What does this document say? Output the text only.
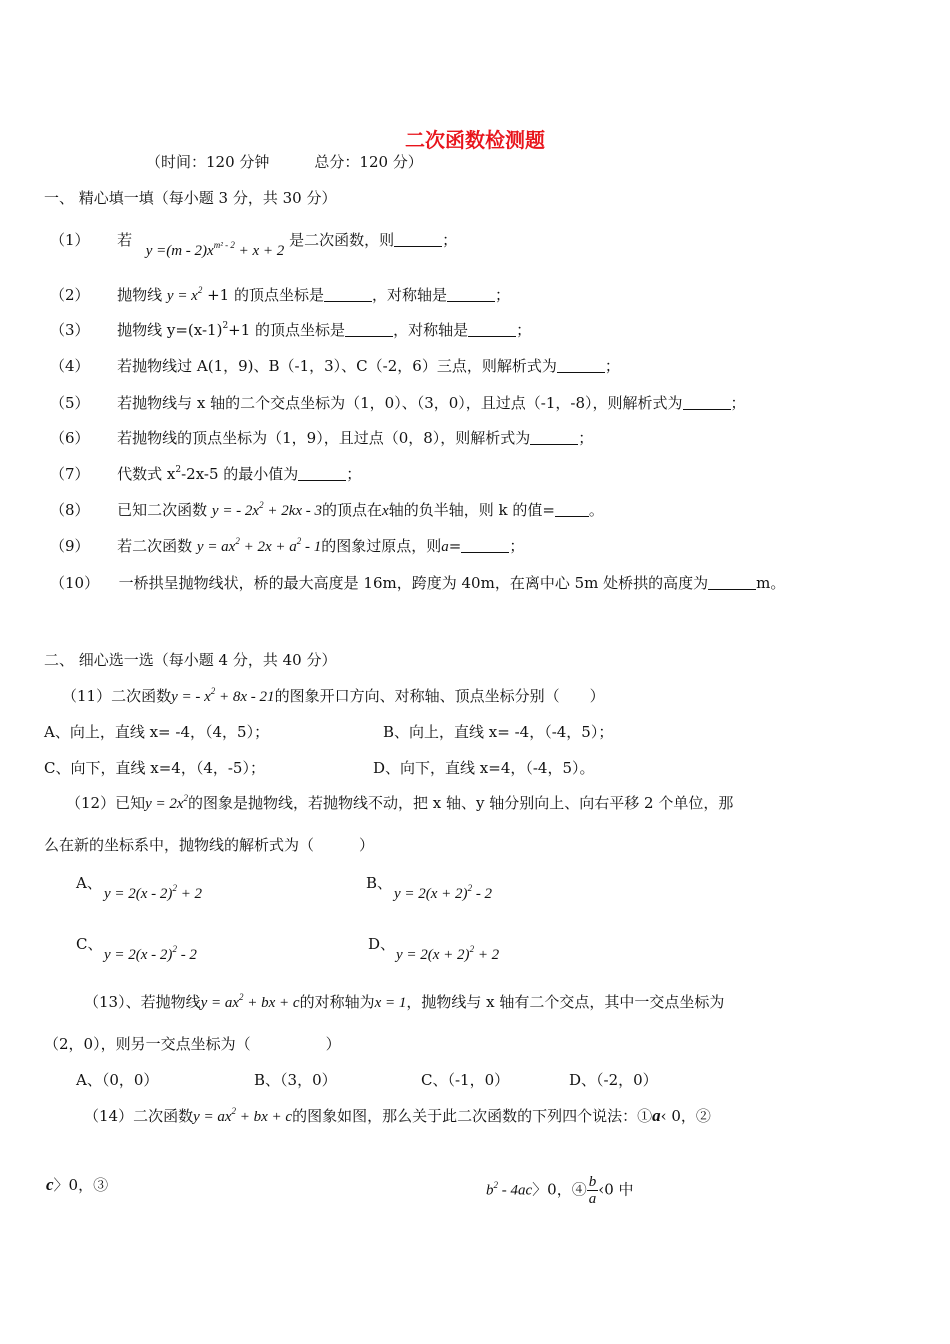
二次函数检测题
（时间：120 分钟　　　总分：120 分）
一、 精心填一填（每小题 3 分，共 30 分）
（1） 若  $y =(m - 2)x^{m^2 - 2} + x + 2$ 是二次函数，则	；
（2） 抛物线 $y = x^2 +1$ 的顶点坐标是	，对称轴是	；
（3） 抛物线 $y=(x-1)^2+1$ 的顶点坐标是	，对称轴是	；
（4） 若抛物线过 A(1，9)、B（-1，3）、C（-2，6）三点，则解析式为	；
（5） 若抛物线与 x 轴的二个交点坐标为（1，0）、（3，0），且过点（-1，-8），则解析式为	；
（6） 若抛物线的顶点坐标为（1，9），且过点（0，8），则解析式为	；
（7） 代数式 $x^2-2x-5$ 的最小值为	；
（8） 已知二次函数 y = - $2x^2 + 2kx - 3$的顶点在x轴的负半轴，则 k 的值= 。
（9） 若二次函数 $y = ax^2 + 2x + a^2 - 1$的图象过原点，则a=	；
（10） 一桥拱呈抛物线状，桥的最大高度是 16m，跨度为 40m，在离中心 5m 处桥拱的高度为	m。
二、 细心选一选（每小题 4 分，共 40 分）
（11）二次函数y = - $x^2 + 8x - 21$的图象开口方向、对称轴、顶点坐标分别（　　）
A、向上，直线 x= -4，（4，5）；	B、向上，直线 x= -4，（-4，5）；
C、向下，直线 x=4，（4，-5）；	D、向下，直线 x=4，（-4，5）。
（12）已知$y = 2x^2$的图象是抛物线，若抛物线不动，把 x 轴、y 轴分别向上、向右平移 2 个单位，那
么在新的坐标系中，抛物线的解析式为（　　　）
A、
y = 2(x - 2)$^2$ + 2
B、
$y = 2(x + 2)^2 - 2$
C、
y = 2(x - 2)$^2$ - 2
D、
$y = 2(x + 2)^2 + 2$
（13）、若抛物线$y = ax^2$ + bx + c的对称轴为x = 1，抛物线与 x 轴有二个交点，其中一交点坐标为
（2，0），则另一交点坐标为（　　　　　）
A、（0，0）	B、（3，0）	C、（-1，0）	D、（-2，0）
（14）二次函数$y = ax^2$ + bx + c的图象如图，那么关于此二次函数的下列四个说法：①a‹ 0，②
c〉0，③	$b^2 - 4ac$〉0，④ $\frac{b}{a}$ ‹0 中
